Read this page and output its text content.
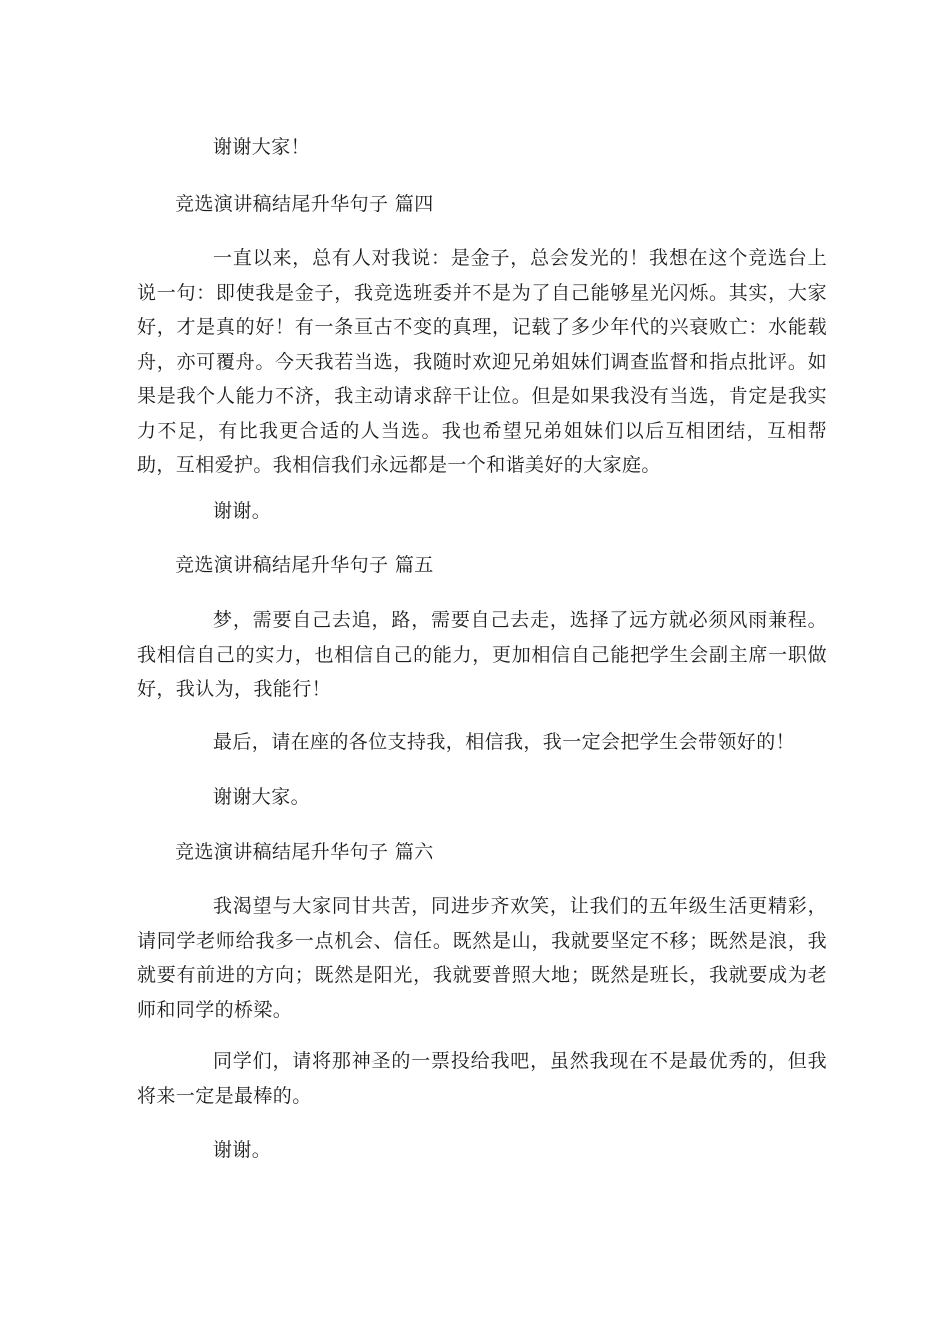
谢谢大家！

竞选演讲稿结尾升华句子 篇四

一直以来，总有人对我说：是金子，总会发光的！我想在这个竞选台上说一句：即使我是金子，我竞选班委并不是为了自己能够星光闪烁。其实，大家好，才是真的好！有一条亘古不变的真理，记载了多少年代的兴衰败亡：水能载舟，亦可覆舟。今天我若当选，我随时欢迎兄弟姐妹们调查监督和指点批评。如果是我个人能力不济，我主动请求辞干让位。但是如果我没有当选，肯定是我实力不足，有比我更合适的人当选。我也希望兄弟姐妹们以后互相团结，互相帮助，互相爱护。我相信我们永远都是一个和谐美好的大家庭。

谢谢。

竞选演讲稿结尾升华句子 篇五

梦，需要自己去追，路，需要自己去走，选择了远方就必须风雨兼程。我相信自己的实力，也相信自己的能力，更加相信自己能把学生会副主席一职做好，我认为，我能行！

最后，请在座的各位支持我，相信我，我一定会把学生会带领好的！

谢谢大家。

竞选演讲稿结尾升华句子 篇六

我渴望与大家同甘共苦，同进步齐欢笑，让我们的五年级生活更精彩，请同学老师给我多一点机会、信任。既然是山，我就要坚定不移；既然是浪，我就要有前进的方向；既然是阳光，我就要普照大地；既然是班长，我就要成为老师和同学的桥梁。

同学们，请将那神圣的一票投给我吧，虽然我现在不是最优秀的，但我将来一定是最棒的。

谢谢。
